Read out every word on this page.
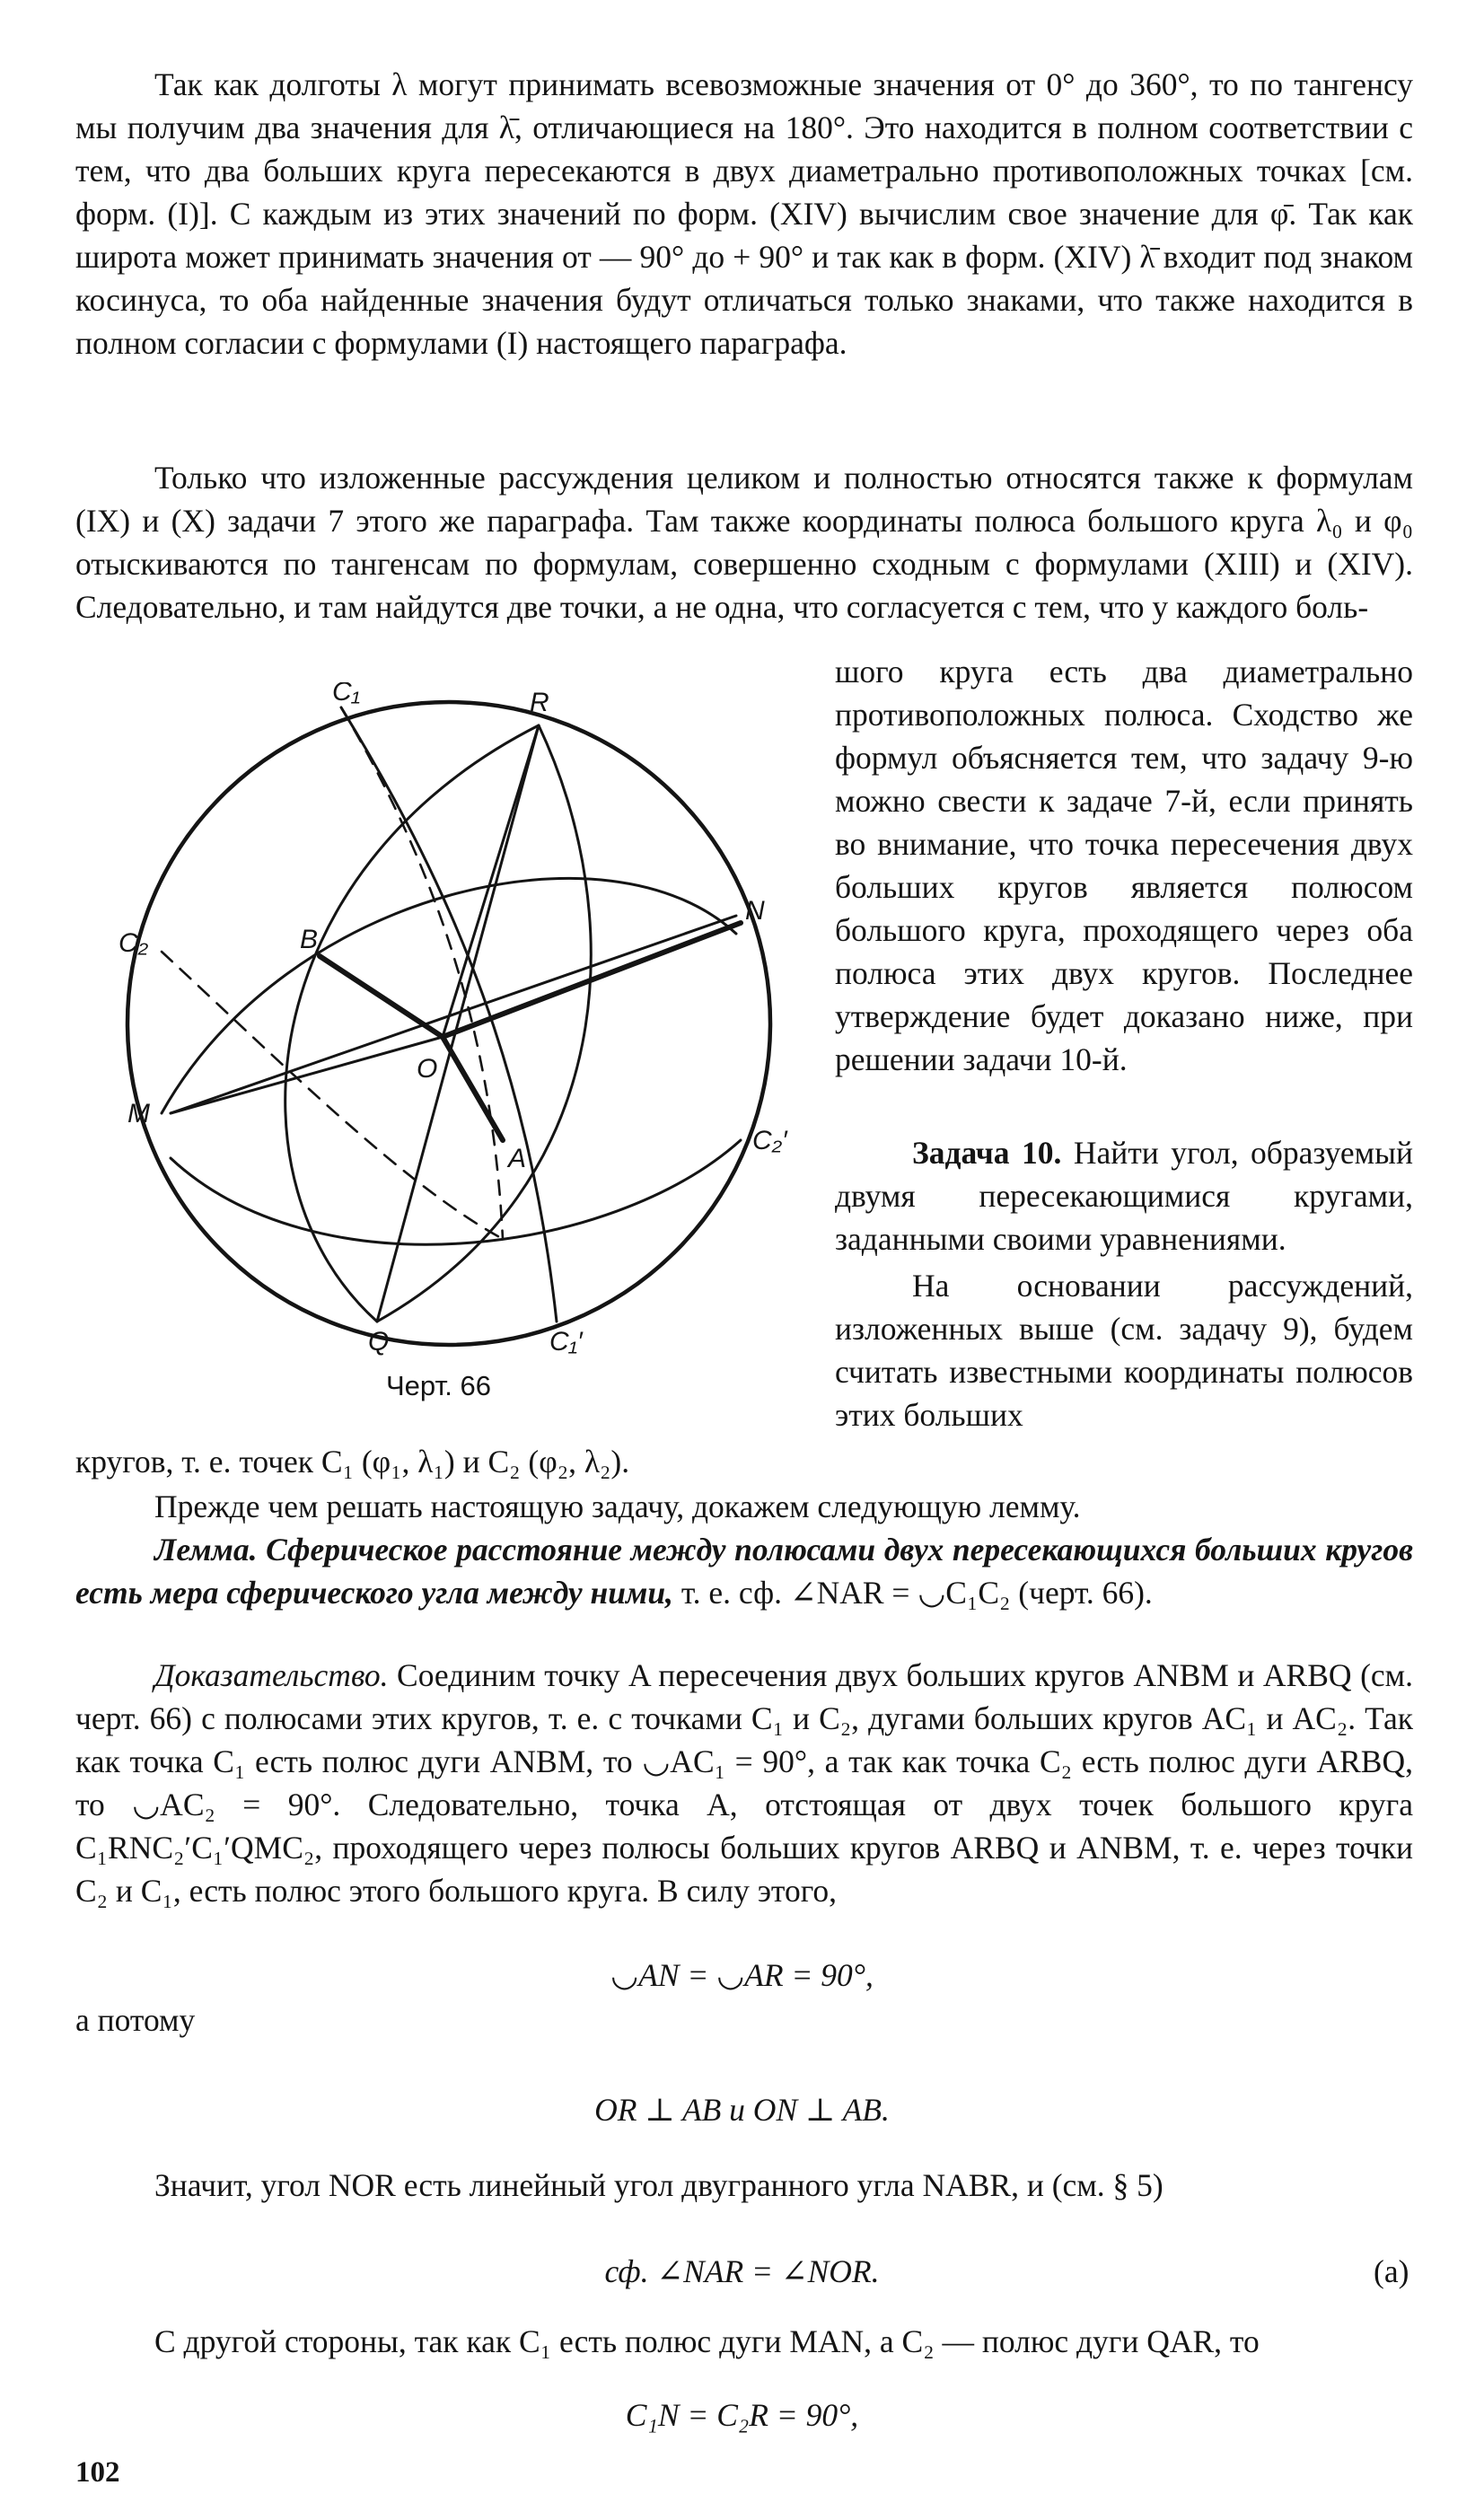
Так как долготы λ могут принимать всевозможные значения от 0° до 360°, то по тангенсу мы получим два значения для λ̄, отличающиеся на 180°. Это находится в полном соответствии с тем, что два больших круга пересекаются в двух диаметрально противоположных точках [см. форм. (I)]. С каждым из этих значений по форм. (XIV) вычислим свое значение для φ̄. Так как широта может принимать значения от — 90° до + 90° и так как в форм. (XIV) λ̄ входит под знаком косинуса, то оба найденные значения будут отличаться только знаками, что также находится в полном согласии с формулами (I) настоящего параграфа.

Только что изложенные рассуждения целиком и полностью относятся также к формулам (IX) и (X) задачи 7 этого же параграфа. Там также координаты полюса большого круга λ₀ и φ₀ отыскиваются по тангенсам по формулам, совершенно сходным с формулами (XIII) и (XIV). Следовательно, и там найдутся две точки, а не одна, что согласуется с тем, что у каждого боль-

шого круга есть два диаметрально противоположных полюса. Сходство же формул объясняется тем, что задачу 9-ю можно свести к задаче 7-й, если принять во внимание, что точка пересечения двух больших кругов является полюсом большого круга, проходящего через оба полюса этих двух кругов. Последнее утверждение будет доказано ниже, при решении задачи 10-й.

Задача 10. Найти угол, образуемый двумя пересекающимися кругами, заданными своими уравнениями.

На основании рассуждений, изложенных выше (см. задачу 9), будем считать известными координаты полюсов этих больших

кругов, т. е. точек C₁ (φ₁, λ₁) и C₂ (φ₂, λ₂).

Прежде чем решать настоящую задачу, докажем следующую лемму.

Лемма. Сферическое расстояние между полюсами двух пересекающихся больших кругов есть мера сферического угла между ними, т. е. сф. ∠NAR = ◡C₁C₂ (черт. 66).

Доказательство. Соединим точку A пересечения двух больших кругов ANBM и ARBQ (см. черт. 66) с полюсами этих кругов, т. е. с точками C₁ и C₂, дугами больших кругов AC₁ и AC₂. Так как точка C₁ есть полюс дуги ANBM, то ◡AC₁ = 90°, а так как точка C₂ есть полюс дуги ARBQ, то ◡AC₂ = 90°. Следовательно, точка A, отстоящая от двух точек большого круга C₁RNC₂′C₁′QMC₂, проходящего через полюсы больших кругов ARBQ и ANBM, т. е. через точки C₂ и C₁, есть полюс этого большого круга. В силу этого,

◡AN = ◡AR = 90°,

а потому

OR ⊥ AB и ON ⊥ AB.

Значит, угол NOR есть линейный угол двугранного угла NABR, и (см. § 5)

сф. ∠NAR = ∠NOR.	(a)

С другой стороны, так как C₁ есть полюс дуги MAN, а C₂ — полюс дуги QAR, то

C₁N = C₂R = 90°,

102

C₁	R
B
C₂
N
O
M
A
C₂′
Q	C₁′

Черт. 66
